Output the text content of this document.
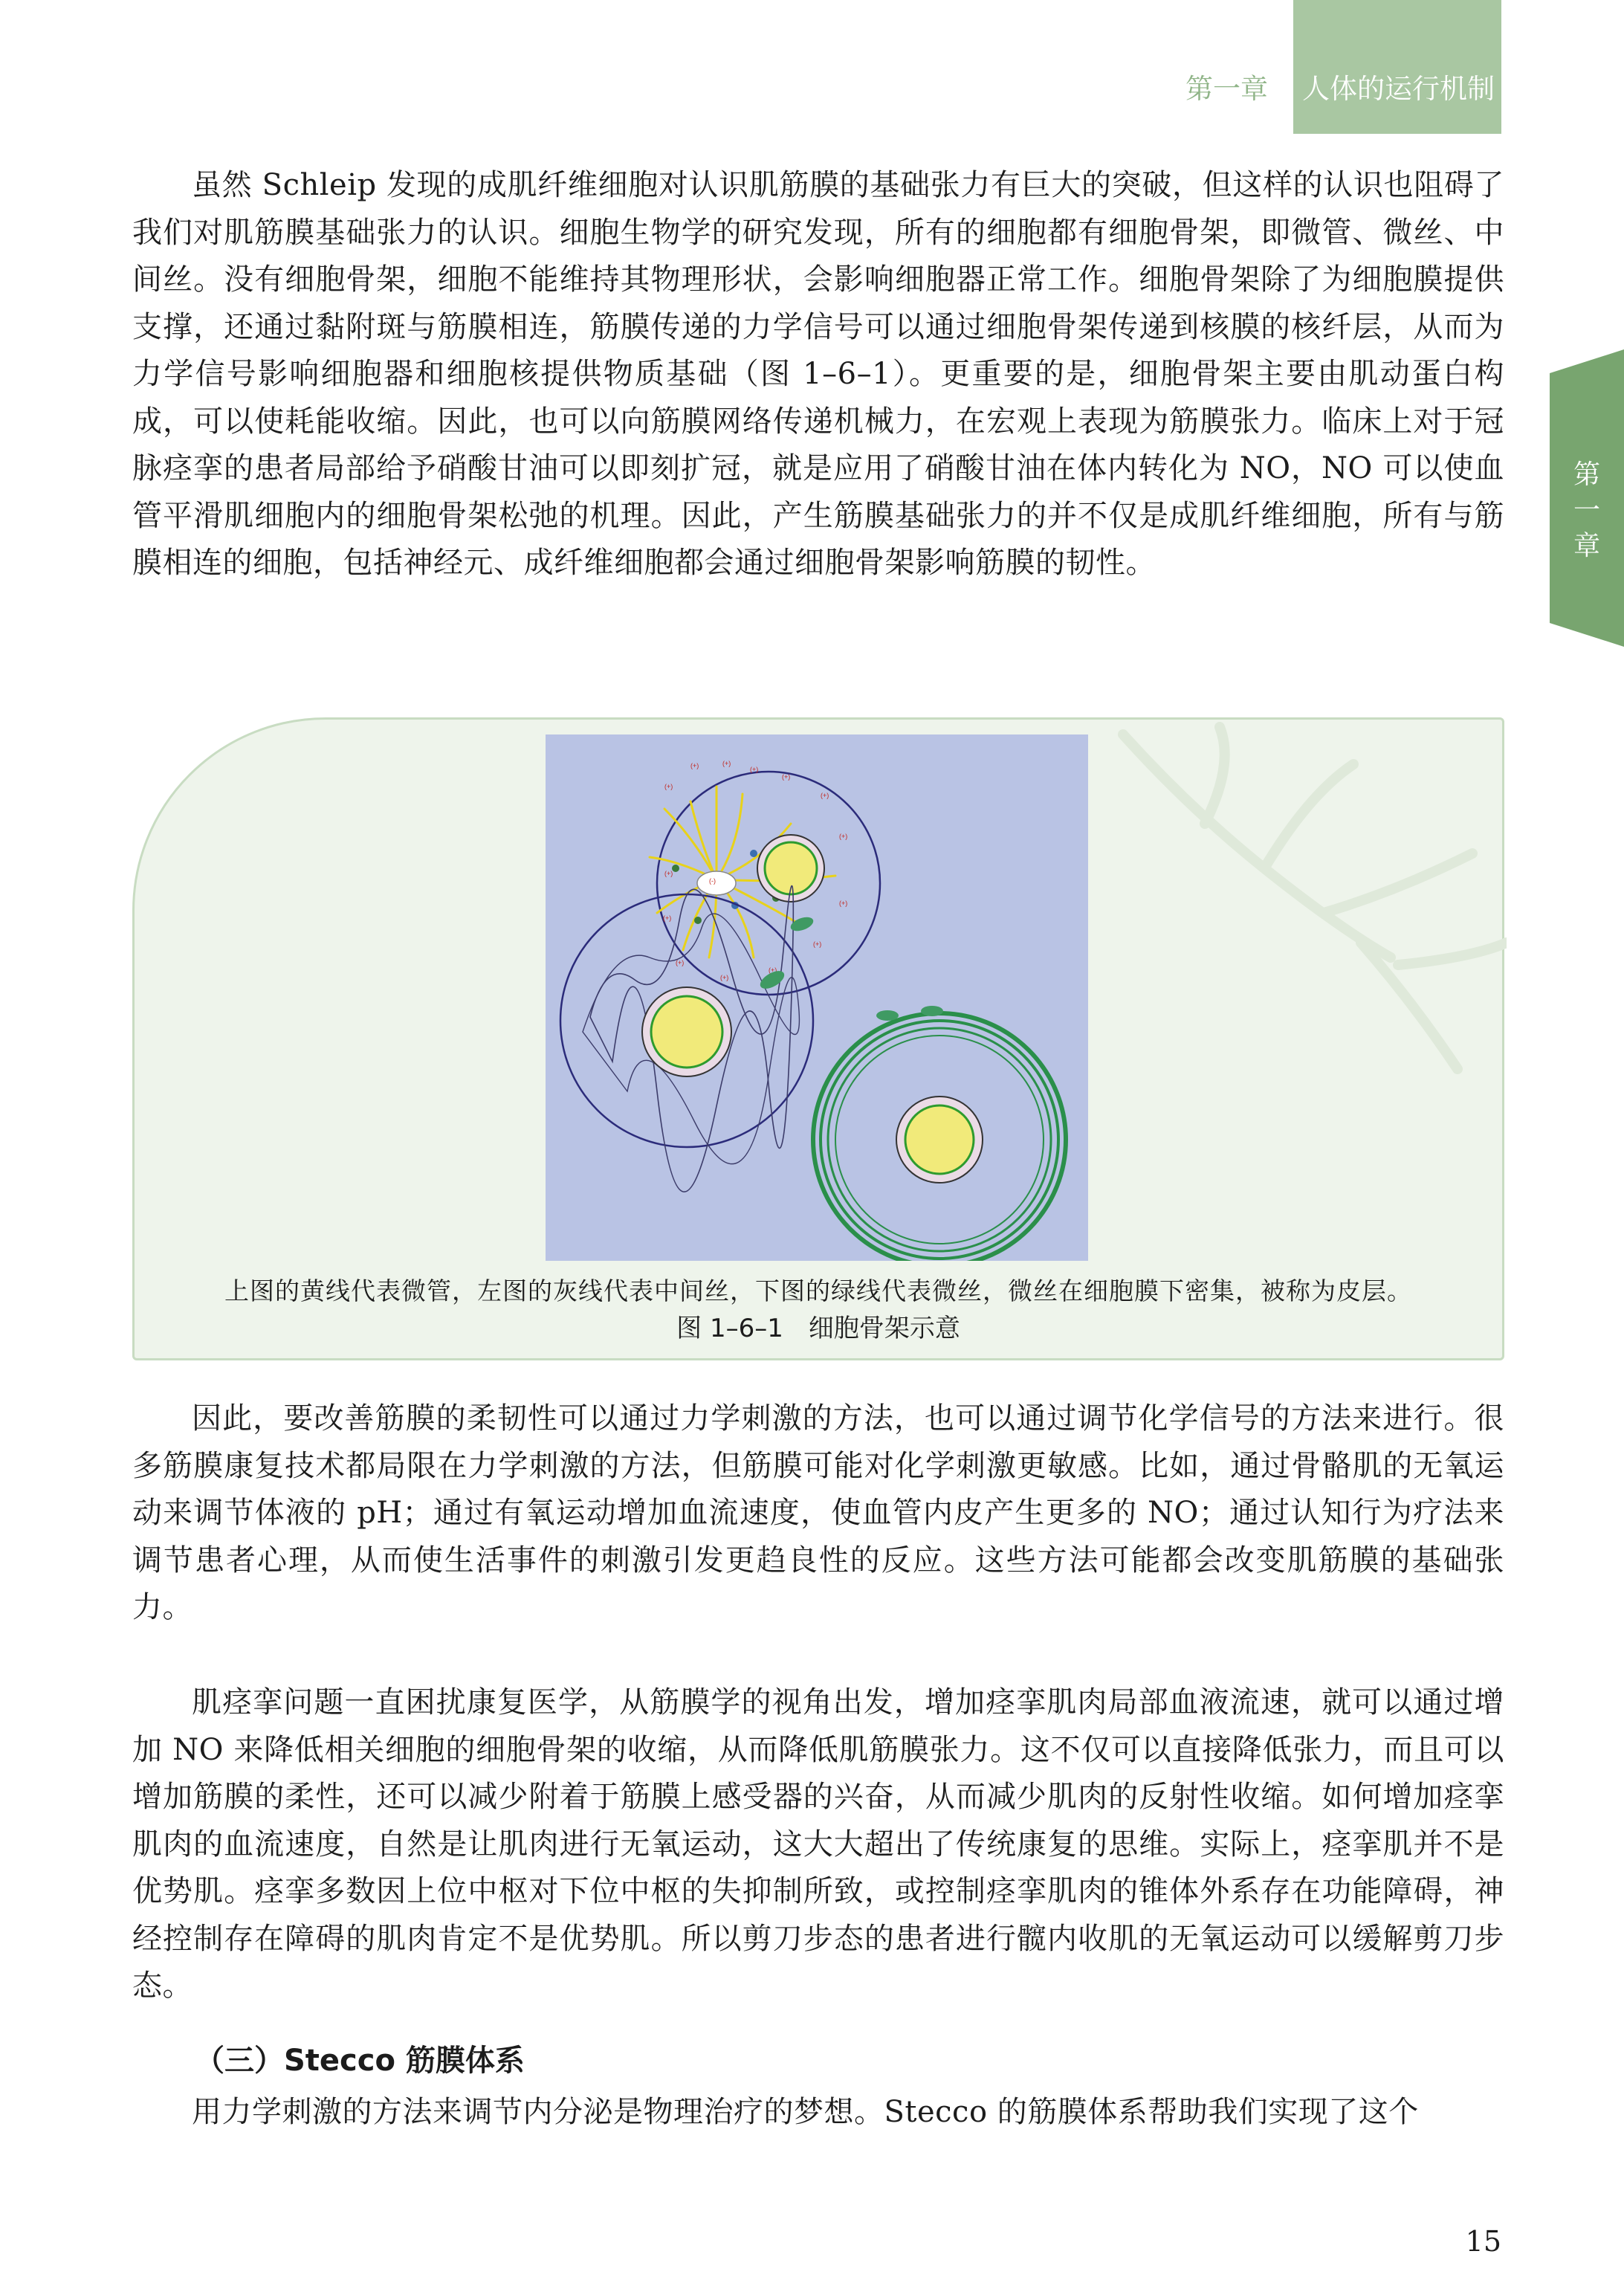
第一章 人体的运行机制
第
一
章

虽然 Schleip 发现的成肌纤维细胞对认识肌筋膜的基础张力有巨大的突破，但这样的认识也阻碍了我们对肌筋膜基础张力的认识。细胞生物学的研究发现，所有的细胞都有细胞骨架，即微管、微丝、中间丝。没有细胞骨架，细胞不能维持其物理形状，会影响细胞器正常工作。细胞骨架除了为细胞膜提供支撑，还通过黏附斑与筋膜相连，筋膜传递的力学信号可以通过细胞骨架传递到核膜的核纤层，从而为力学信号影响细胞器和细胞核提供物质基础（图 1–6–1）。更重要的是，细胞骨架主要由肌动蛋白构成，可以使耗能收缩。因此，也可以向筋膜网络传递机械力，在宏观上表现为筋膜张力。临床上对于冠脉痉挛的患者局部给予硝酸甘油可以即刻扩冠，就是应用了硝酸甘油在体内转化为 NO，NO 可以使血管平滑肌细胞内的细胞骨架松弛的机理。因此，产生筋膜基础张力的并不仅是成肌纤维细胞，所有与筋膜相连的细胞，包括神经元、成纤维细胞都会通过细胞骨架影响筋膜的韧性。

(+)
(-)
(+)	(+)
(+)
(+)
(+)
(+)
(+)
(+)
(+)
(+)
(+)
(+)
(+)
上图的黄线代表微管，左图的灰线代表中间丝，下图的绿线代表微丝，微丝在细胞膜下密集，被称为皮层。
图 1–6–1　细胞骨架示意

因此，要改善筋膜的柔韧性可以通过力学刺激的方法，也可以通过调节化学信号的方法来进行。很多筋膜康复技术都局限在力学刺激的方法，但筋膜可能对化学刺激更敏感。比如，通过骨骼肌的无氧运动来调节体液的 pH；通过有氧运动增加血流速度，使血管内皮产生更多的 NO；通过认知行为疗法来调节患者心理，从而使生活事件的刺激引发更趋良性的反应。这些方法可能都会改变肌筋膜的基础张力。

肌痉挛问题一直困扰康复医学，从筋膜学的视角出发，增加痉挛肌肉局部血液流速，就可以通过增加 NO 来降低相关细胞的细胞骨架的收缩，从而降低肌筋膜张力。这不仅可以直接降低张力，而且可以增加筋膜的柔性，还可以减少附着于筋膜上感受器的兴奋，从而减少肌肉的反射性收缩。如何增加痉挛肌肉的血流速度，自然是让肌肉进行无氧运动，这大大超出了传统康复的思维。实际上，痉挛肌并不是优势肌。痉挛多数因上位中枢对下位中枢的失抑制所致，或控制痉挛肌肉的锥体外系存在功能障碍，神经控制存在障碍的肌肉肯定不是优势肌。所以剪刀步态的患者进行髋内收肌的无氧运动可以缓解剪刀步态。

（三）Stecco 筋膜体系

用力学刺激的方法来调节内分泌是物理治疗的梦想。Stecco 的筋膜体系帮助我们实现了这个

15
